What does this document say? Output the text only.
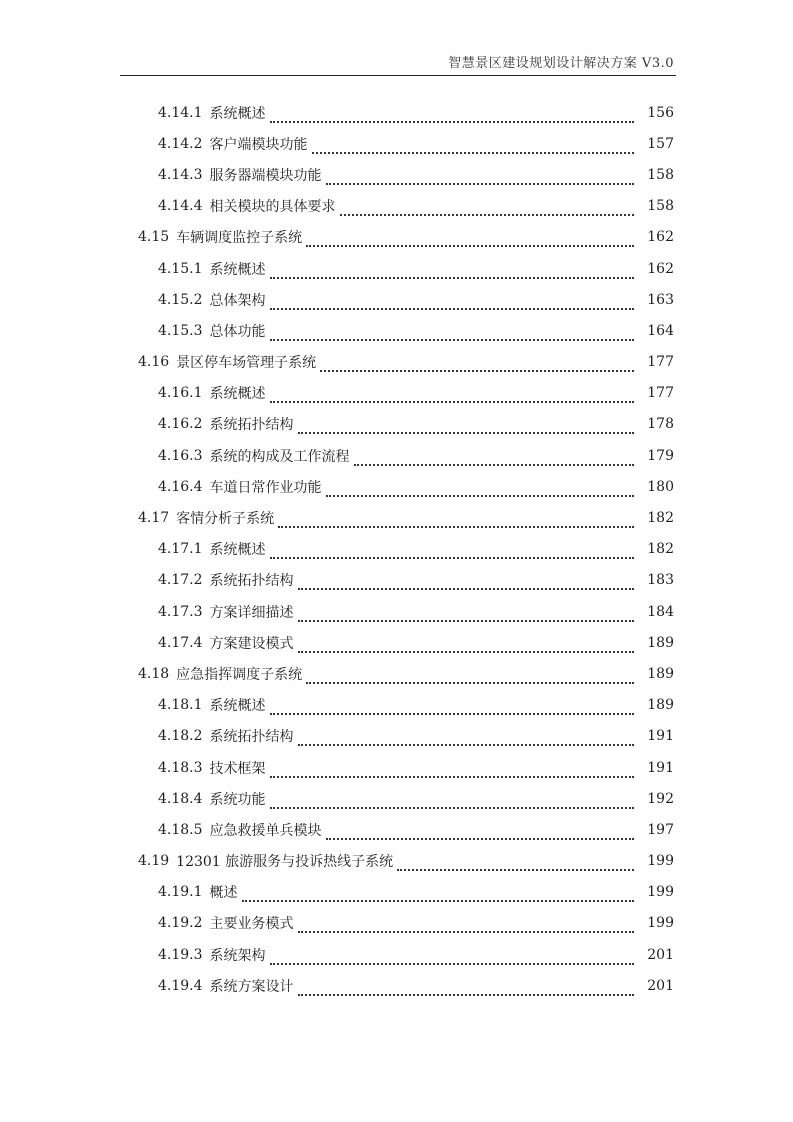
智慧景区建设规划设计解决方案 V3.0
4.14.1 系统概述	156
4.14.2 客户端模块功能	157
4.14.3 服务器端模块功能	158
4.14.4 相关模块的具体要求	158
4.15 车辆调度监控子系统	162
4.15.1 系统概述	162
4.15.2 总体架构	163
4.15.3 总体功能	164
4.16 景区停车场管理子系统	177
4.16.1 系统概述	177
4.16.2 系统拓扑结构	178
4.16.3 系统的构成及工作流程	179
4.16.4 车道日常作业功能	180
4.17 客情分析子系统	182
4.17.1 系统概述	182
4.17.2 系统拓扑结构	183
4.17.3 方案详细描述	184
4.17.4 方案建设模式	189
4.18 应急指挥调度子系统	189
4.18.1 系统概述	189
4.18.2 系统拓扑结构	191
4.18.3 技术框架	191
4.18.4 系统功能	192
4.18.5 应急救援单兵模块	197
4.19 12301 旅游服务与投诉热线子系统	199
4.19.1 概述	199
4.19.2 主要业务模式	199
4.19.3 系统架构	201
4.19.4 系统方案设计	201
